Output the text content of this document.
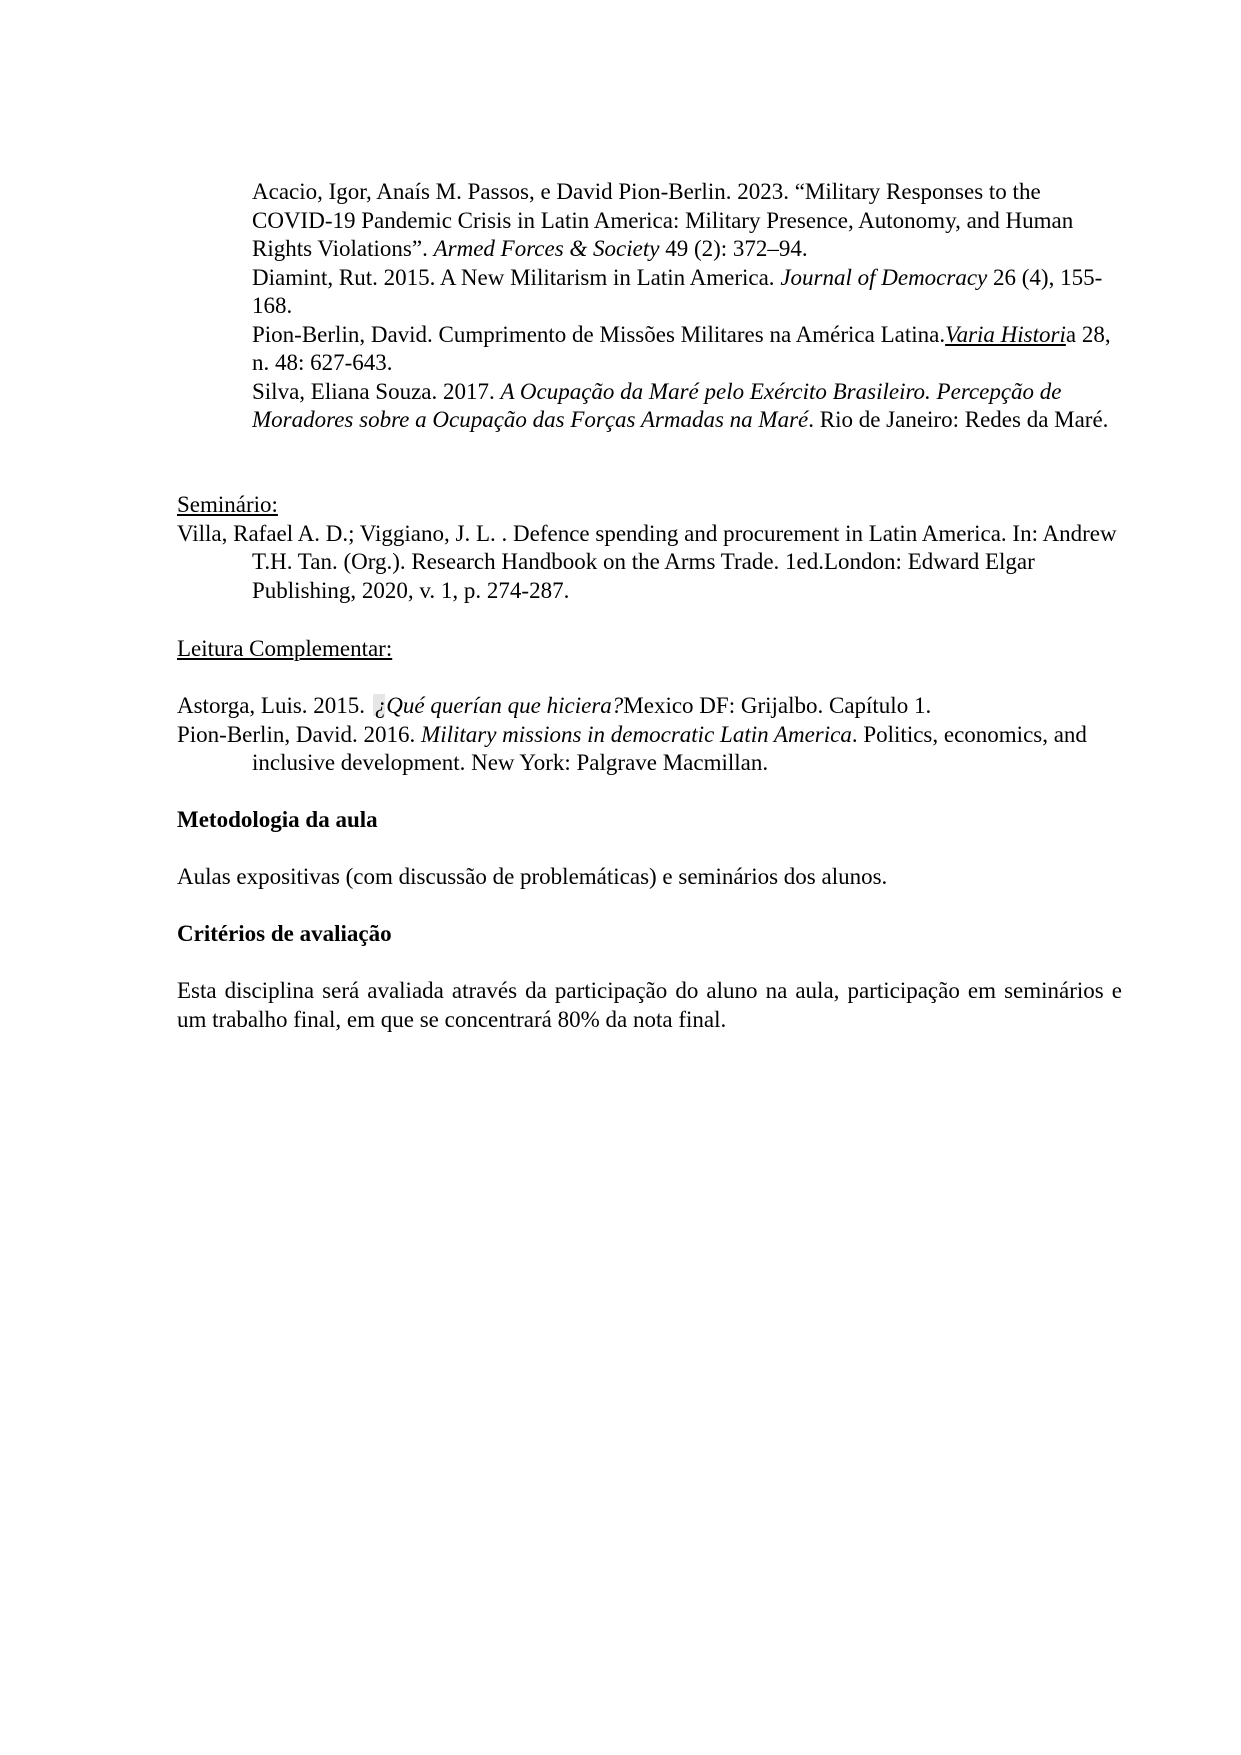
Acacio, Igor, Anaís M. Passos, e David Pion-Berlin. 2023. “Military Responses to the COVID-19 Pandemic Crisis in Latin America: Military Presence, Autonomy, and Human Rights Violations”. Armed Forces & Society 49 (2): 372–94.

Diamint, Rut. 2015. A New Militarism in Latin America. Journal of Democracy 26 (4), 155-168.

Pion-Berlin, David. Cumprimento de Missões Militares na América Latina.Varia Historia 28, n. 48: 627-643.

Silva, Eliana Souza. 2017. A Ocupação da Maré pelo Exército Brasileiro. Percepção de Moradores sobre a Ocupação das Forças Armadas na Maré. Rio de Janeiro: Redes da Maré.

Seminário:

Villa, Rafael A. D.; Viggiano, J. L. . Defence spending and procurement in Latin America. In: Andrew T.H. Tan. (Org.). Research Handbook on the Arms Trade. 1ed.London: Edward Elgar Publishing, 2020, v. 1, p. 274-287.

Leitura Complementar:

Astorga, Luis. 2015. ¿Qué querían que hiciera?Mexico DF: Grijalbo. Capítulo 1.

Pion-Berlin, David. 2016. Military missions in democratic Latin America. Politics, economics, and inclusive development. New York: Palgrave Macmillan.

Metodologia da aula

Aulas expositivas (com discussão de problemáticas) e seminários dos alunos.

Critérios de avaliação

Esta disciplina será avaliada através da participação do aluno na aula, participação em seminários e um trabalho final, em que se concentrará 80% da nota final.
